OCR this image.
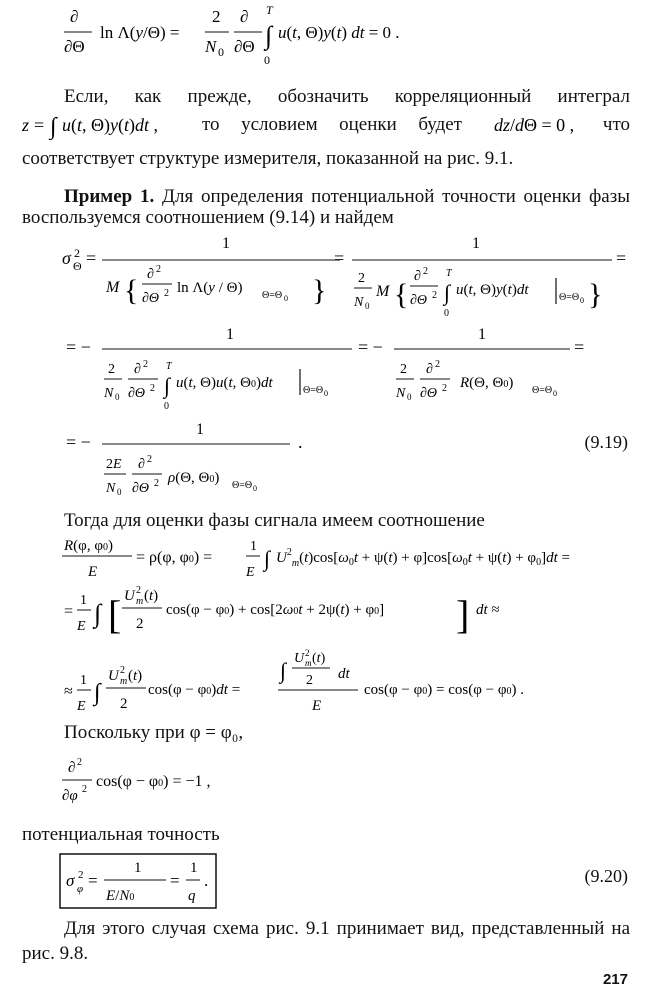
∂
∂Θ
ln Λ(y/Θ) =
2
N 0
∂
∂Θ
T
∫
0
u(t, Θ)y(t) dt = 0 .
Если, как прежде, обозначить корреляционный интеграл
z = ∫ u(t, Θ)y(t)dt , то условием оценки будет dz/dΘ = 0 , что
соответствует структуре измерителя, показанной на рис. 9.1.
Пример 1. Для определения потенциальной точности оценки фазы
воспользуемся соотношением (9.14) и найдем
σ 2
Θ =
1
M { ∂ 2
∂Θ 2 ln Λ(y / Θ) Θ=Θ 0 }
=
1
2
N 0
M {
∂ 2
∂Θ 2
T
∫
0
u(t, Θ)y(t)dt	Θ=Θ 0 }
=
= −
1
2
N 0
∂ 2
∂Θ 2
T
∫
0
u(t, Θ)u(t, Θ0)dt	Θ=Θ 0
= −
1
2
N 0
∂ 2
∂Θ 2 R(Θ, Θ0) Θ=Θ 0
=
= −
1
2E
N 0
∂ 2
∂Θ 2 ρ(Θ, Θ0) Θ=Θ 0
.	(9.19)
Тогда для оценки фазы сигнала имеем соотношение
R(φ, φ0)
E
= ρ(φ, φ0) =
1
E
∫ $U^2_m(t)\cos[\omega_0t + \psi(t) + \varphi]\cos[\omega_0t + \psi(t) + \varphi_0]dt$ =
=
1
E ∫ [ U 2
m (t)
2
cos(φ − φ0) + cos[2ω0t + 2ψ(t) + φ0] ] dt ≈
≈
1
E
∫
U 2
m (t)
2
cos(φ − φ0)dt =
∫ U 2
m (t)
2 dt
E
cos(φ − φ0) = cos(φ − φ0) .
Поскольку при φ = φ₀,
∂ 2
∂φ 2 cos(φ − φ0) = −1 ,
потенциальная точность
σ 2
φ =
1
E/N0
=
1
q
.	(9.20)
Для этого случая схема рис. 9.1 принимает вид, представленный на
рис. 9.8.
217
